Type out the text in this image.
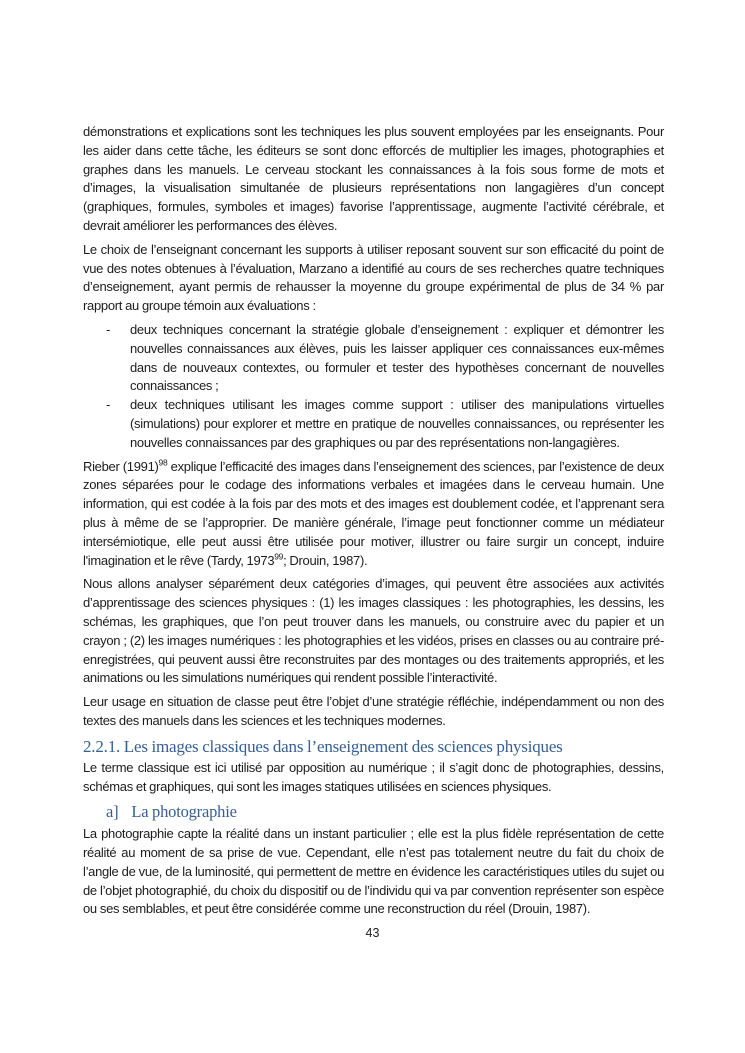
démonstrations et explications sont les techniques les plus souvent employées par les enseignants. Pour les aider dans cette tâche, les éditeurs se sont donc efforcés de multiplier les images, photographies et graphes dans les manuels. Le cerveau stockant les connaissances à la fois sous forme de mots et d’images, la visualisation simultanée de plusieurs représentations non langagières d’un concept (graphiques, formules, symboles et images) favorise l’apprentissage, augmente l’activité cérébrale, et devrait améliorer les performances des élèves.

Le choix de l’enseignant concernant les supports à utiliser reposant souvent sur son efficacité du point de vue des notes obtenues à l’évaluation, Marzano a identifié au cours de ses recherches quatre techniques d’enseignement, ayant permis de rehausser la moyenne du groupe expérimental de plus de 34 % par rapport au groupe témoin aux évaluations :

- deux techniques concernant la stratégie globale d’enseignement : expliquer et démontrer les nouvelles connaissances aux élèves, puis les laisser appliquer ces connaissances eux-mêmes dans de nouveaux contextes, ou formuler et tester des hypothèses concernant de nouvelles connaissances ;
- deux techniques utilisant les images comme support : utiliser des manipulations virtuelles (simulations) pour explorer et mettre en pratique de nouvelles connaissances, ou représenter les nouvelles connaissances par des graphiques ou par des représentations non-langagières.

Rieber (1991)$^{98}$ explique l’efficacité des images dans l’enseignement des sciences, par l’existence de deux zones séparées pour le codage des informations verbales et imagées dans le cerveau humain. Une information, qui est codée à la fois par des mots et des images est doublement codée, et l’apprenant sera plus à même de se l’approprier. De manière générale, l’image peut fonctionner comme un médiateur intersémiotique, elle peut aussi être utilisée pour motiver, illustrer ou faire surgir un concept, induire l'imagination et le rêve (Tardy, 1973$^{99}$; Drouin, 1987).

Nous allons analyser séparément deux catégories d’images, qui peuvent être associées aux activités d’apprentissage des sciences physiques : (1) les images classiques : les photographies, les dessins, les schémas, les graphiques, que l’on peut trouver dans les manuels, ou construire avec du papier et un crayon ; (2) les images numériques : les photographies et les vidéos, prises en classes ou au contraire pré-enregistrées, qui peuvent aussi être reconstruites par des montages ou des traitements appropriés, et les animations ou les simulations numériques qui rendent possible l’interactivité.

Leur usage en situation de classe peut être l’objet d’une stratégie réfléchie, indépendamment ou non des textes des manuels dans les sciences et les techniques modernes.

2.2.1. Les images classiques dans l’enseignement des sciences physiques

Le terme classique est ici utilisé par opposition au numérique ; il s’agit donc de photographies, dessins, schémas et graphiques, qui sont les images statiques utilisées en sciences physiques.

a] La photographie

La photographie capte la réalité dans un instant particulier ; elle est la plus fidèle représentation de cette réalité au moment de sa prise de vue. Cependant, elle n’est pas totalement neutre du fait du choix de l’angle de vue, de la luminosité, qui permettent de mettre en évidence les caractéristiques utiles du sujet ou de l’objet photographié, du choix du dispositif ou de l’individu qui va par convention représenter son espèce ou ses semblables, et peut être considérée comme une reconstruction du réel (Drouin, 1987).

43
